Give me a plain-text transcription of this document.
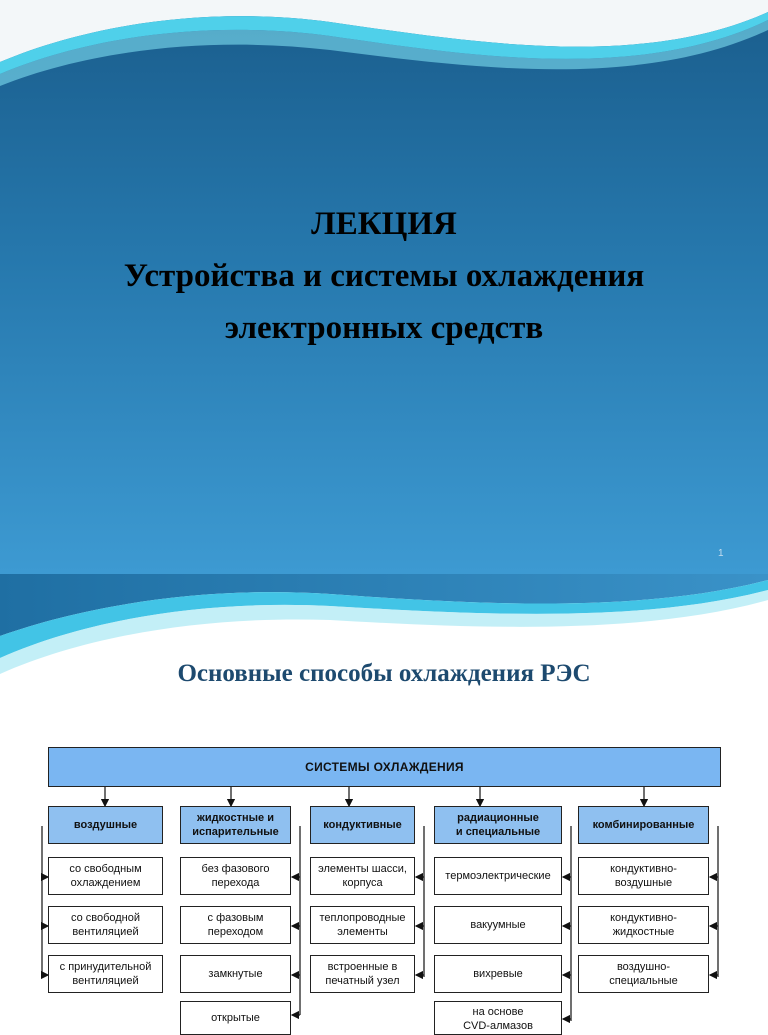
ЛЕКЦИЯ
Устройства и системы охлаждения
электронных средств
1
Основные способы охлаждения РЭС
СИСТЕМЫ ОХЛАЖДЕНИЯ
воздушные
жидкостные и
испарительные
кондуктивные
радиационные
и специальные
комбинированные
со свободным
охлаждением
со свободной
вентиляцией
с принудительной
вентиляцией
без фазового
перехода
с фазовым
переходом
замкнутые
открытые
элементы шасси,
корпуса
теплопроводные
элементы
встроенные в
печатный узел
термоэлектрические
вакуумные
вихревые
на основе
CVD-алмазов
кондуктивно-
воздушные
кондуктивно-
жидкостные
воздушно-
специальные
